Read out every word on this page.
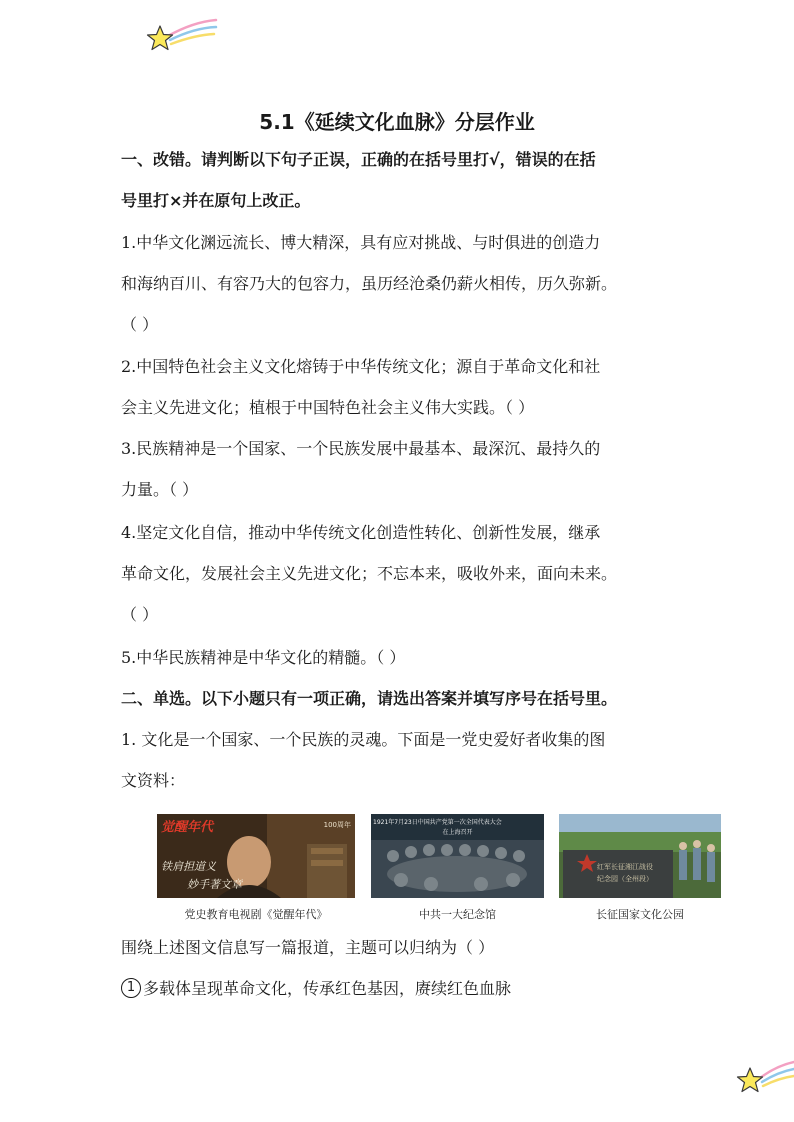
5.1《延续文化血脉》分层作业
一、改错。请判断以下句子正误，正确的在括号里打√，错误的在括
号里打×并在原句上改正。
1.中华文化渊远流长、博大精深，具有应对挑战、与时俱进的创造力
和海纳百川、有容乃大的包容力，虽历经沧桑仍薪火相传，历久弥新。
（ ）
2.中国特色社会主义文化熔铸于中华传统文化；源自于革命文化和社
会主义先进文化；植根于中国特色社会主义伟大实践。（ ）
3.民族精神是一个国家、一个民族发展中最基本、最深沉、最持久的
力量。（ ）
4.坚定文化自信，推动中华传统文化创造性转化、创新性发展，继承
革命文化，发展社会主义先进文化；不忘本来，吸收外来，面向未来。
（ ）
5.中华民族精神是中华文化的精髓。（ ）
二、单选。以下小题只有一项正确，请选出答案并填写序号在括号里。
1. 文化是一个国家、一个民族的灵魂。下面是一党史爱好者收集的图
文资料：
觉醒年代	100周年
铁肩担道义
妙手著文章
1921年7月23日中国共产党第一次全国代表大会
在上海召开
红军长征湘江战役
纪念园（全州段）
党史教育电视剧《觉醒年代》	中共一大纪念馆	长征国家文化公园
围绕上述图文信息写一篇报道，主题可以归纳为（ ）
1 多载体呈现革命文化，传承红色基因，赓续红色血脉
